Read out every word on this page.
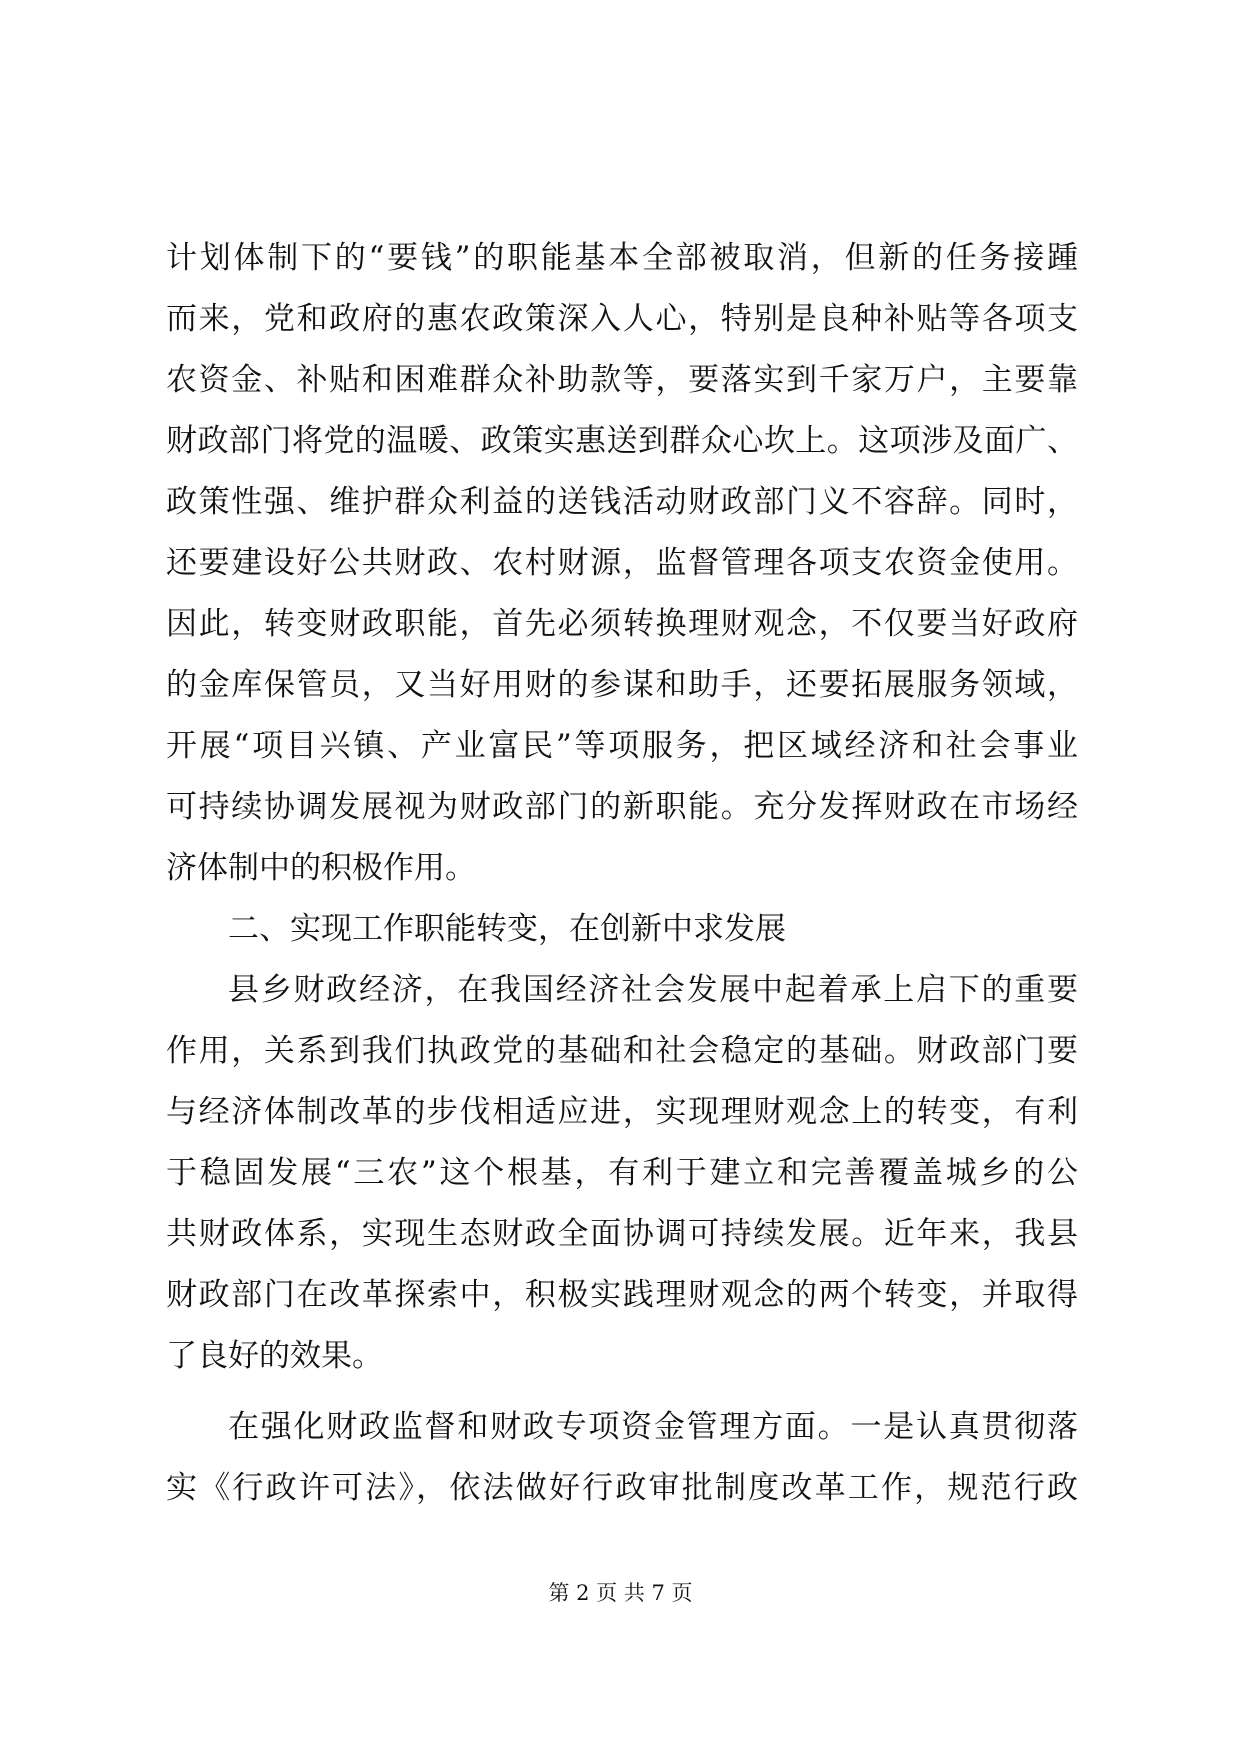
计划体制下的“要钱”的职能基本全部被取消，但新的任务接踵
而来，党和政府的惠农政策深入人心，特别是良种补贴等各项支
农资金、补贴和困难群众补助款等，要落实到千家万户，主要靠
财政部门将党的温暖、政策实惠送到群众心坎上。这项涉及面广、
政策性强、维护群众利益的送钱活动财政部门义不容辞。同时，
还要建设好公共财政、农村财源，监督管理各项支农资金使用。
因此，转变财政职能，首先必须转换理财观念，不仅要当好政府
的金库保管员，又当好用财的参谋和助手，还要拓展服务领域，
开展“项目兴镇、产业富民”等项服务，把区域经济和社会事业
可持续协调发展视为财政部门的新职能。充分发挥财政在市场经
济体制中的积极作用。
二、实现工作职能转变，在创新中求发展
县乡财政经济，在我国经济社会发展中起着承上启下的重要
作用，关系到我们执政党的基础和社会稳定的基础。财政部门要
与经济体制改革的步伐相适应进，实现理财观念上的转变，有利
于稳固发展“三农”这个根基，有利于建立和完善覆盖城乡的公
共财政体系，实现生态财政全面协调可持续发展。近年来，我县
财政部门在改革探索中，积极实践理财观念的两个转变，并取得
了良好的效果。
在强化财政监督和财政专项资金管理方面。一是认真贯彻落
实《行政许可法》，依法做好行政审批制度改革工作，规范行政
第 2 页 共 7 页
